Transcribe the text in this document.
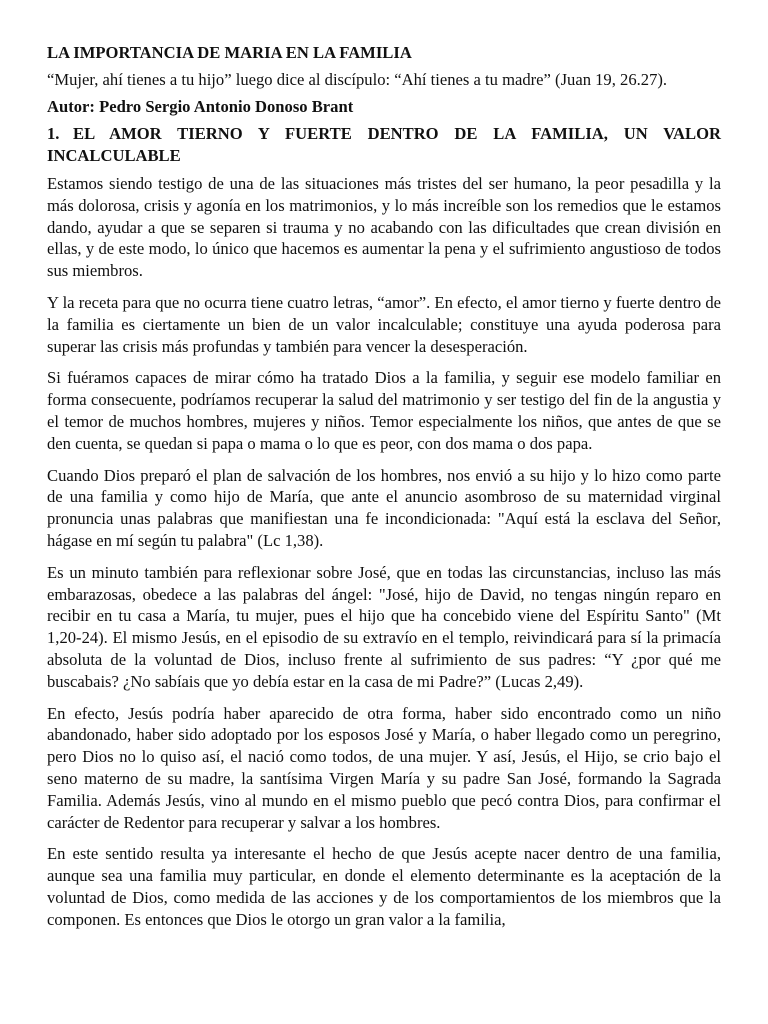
LA IMPORTANCIA DE MARIA EN LA FAMILIA
“Mujer, ahí tienes a tu hijo” luego dice al discípulo: “Ahí tienes a tu madre” (Juan 19, 26.27).
Autor: Pedro Sergio Antonio Donoso Brant
1. EL AMOR TIERNO Y FUERTE DENTRO DE LA FAMILIA, UN VALOR INCALCULABLE

Estamos siendo testigo de una de las situaciones más tristes del ser humano, la peor pesadilla y la más dolorosa, crisis y agonía en los matrimonios, y lo más increíble son los remedios que le estamos dando, ayudar a que se separen si trauma y no acabando con las dificultades que crean división en ellas, y de este modo, lo único que hacemos es aumentar la pena y el sufrimiento angustioso de todos sus miembros.

Y la receta para que no ocurra tiene cuatro letras, “amor”. En efecto, el amor tierno y fuerte dentro de la familia es ciertamente un bien de un valor incalculable; constituye una ayuda poderosa para superar las crisis más profundas y también para vencer la desesperación.

Si fuéramos capaces de mirar cómo ha tratado Dios a la familia, y seguir ese modelo familiar en forma consecuente, podríamos recuperar la salud del matrimonio y ser testigo del fin de la angustia y el temor de muchos hombres, mujeres y niños. Temor especialmente los niños, que antes de que se den cuenta, se quedan si papa o mama o lo que es peor, con dos mama o dos papa.

Cuando Dios preparó el plan de salvación de los hombres, nos envió a su hijo y lo hizo como parte de una familia y como hijo de María, que ante el anuncio asombroso de su maternidad virginal pronuncia unas palabras que manifiestan una fe incondicionada: "Aquí está la esclava del Señor, hágase en mí según tu palabra" (Lc 1,38).

Es un minuto también para reflexionar sobre José, que en todas las circunstancias, incluso las más embarazosas, obedece a las palabras del ángel: "José, hijo de David, no tengas ningún reparo en recibir en tu casa a María, tu mujer, pues el hijo que ha concebido viene del Espíritu Santo" (Mt 1,20-24). El mismo Jesús, en el episodio de su extravío en el templo, reivindicará para sí la primacía absoluta de la voluntad de Dios, incluso frente al sufrimiento de sus padres: “Y ¿por qué me buscabais? ¿No sabíais que yo debía estar en la casa de mi Padre?” (Lucas 2,49).

En efecto, Jesús podría haber aparecido de otra forma, haber sido encontrado como un niño abandonado, haber sido adoptado por los esposos José y María, o haber llegado como un peregrino, pero Dios no lo quiso así, el nació como todos, de una mujer. Y así, Jesús, el Hijo, se crio bajo el seno materno de su madre, la santísima Virgen María y su padre San José, formando la Sagrada Familia. Además Jesús, vino al mundo en el mismo pueblo que pecó contra Dios, para confirmar el carácter de Redentor para recuperar y salvar a los hombres.

En este sentido resulta ya interesante el hecho de que Jesús acepte nacer dentro de una familia, aunque sea una familia muy particular, en donde el elemento determinante es la aceptación de la voluntad de Dios, como medida de las acciones y de los comportamientos de los miembros que la componen. Es entonces que Dios le otorgo un gran valor a la familia,
